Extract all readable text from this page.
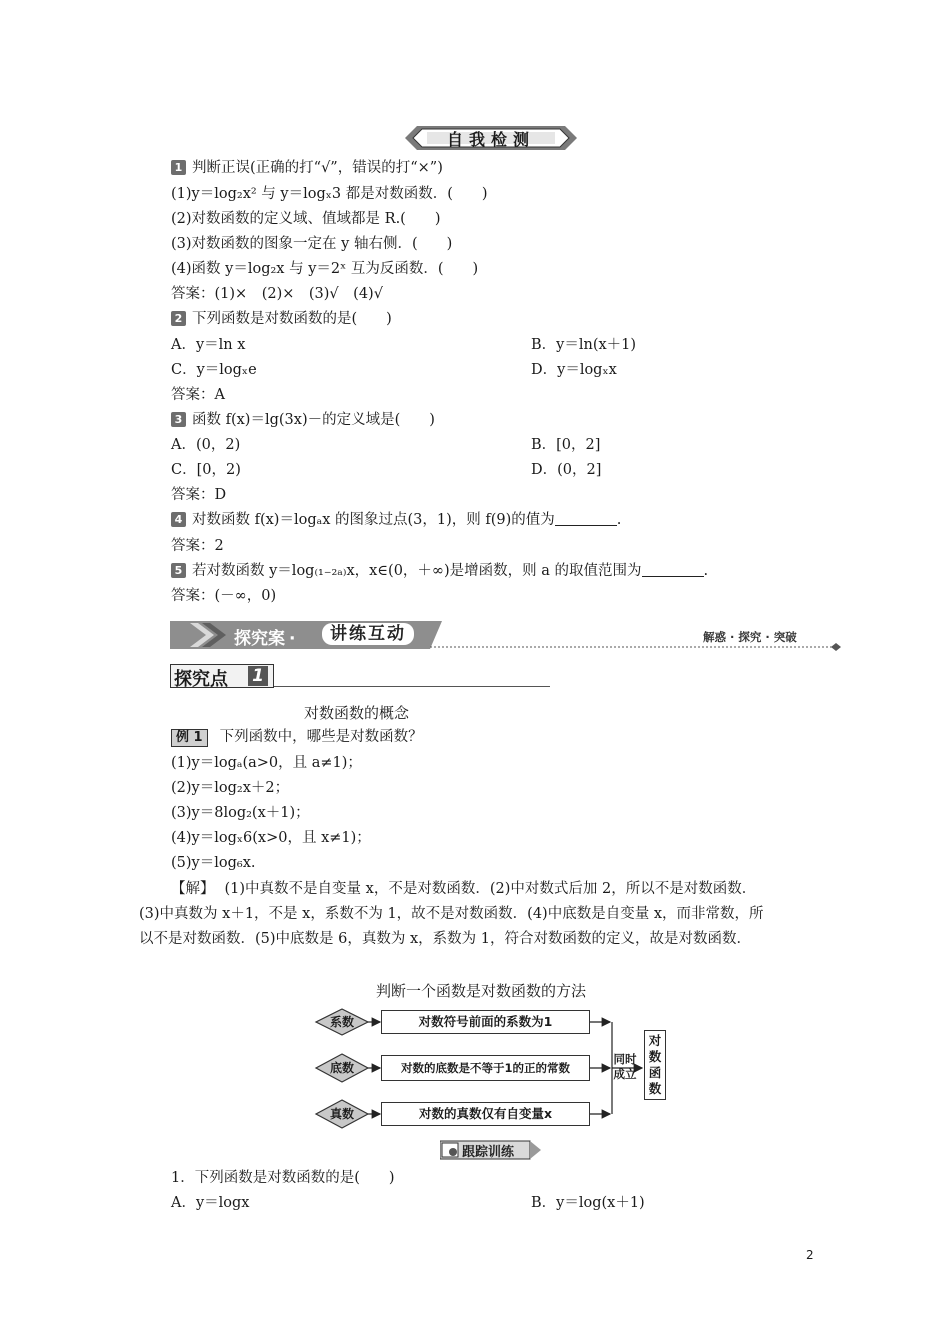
自我检测
1 判断正误(正确的打“√”，错误的打“×”)
(1)y＝log₂x² 与 y＝logₓ3 都是对数函数．(　　)
(2)对数函数的定义域、值域都是 R.(　　)
(3)对数函数的图象一定在 y 轴右侧．(　　)
(4)函数 y＝log₂x 与 y＝2ˣ 互为反函数．(　　)
答案：(1)×　(2)×　(3)√　(4)√
2 下列函数是对数函数的是(　　)
A．y＝ln x	B．y＝ln(x＋1)
C．y＝logₓe	D．y＝logₓx
答案：A
3 函数 f(x)＝lg(3x)－的定义域是(　　)
A．(0，2)	B．[0，2]
C．[0，2)	D．(0，2]
答案：D
4 对数函数 f(x)＝logₐx 的图象过点(3，1)，则 f(9)的值为	.
答案：2
5 若对数函数 y＝log₍₁₋₂ₐ₎x，x∈(0，＋∞)是增函数，则 a 的取值范围为	.
答案：(－∞，0)
探究案 ·	讲练互动	解惑 · 探究 · 突破
探究点 1
对数函数的概念
例 1 下列函数中，哪些是对数函数？
(1)y＝logₐ(a>0，且 a≠1)；
(2)y＝log₂x＋2；
(3)y＝8log₂(x＋1)；
(4)y＝logₓ6(x>0，且 x≠1)；
(5)y＝log₆x.
【解】 (1)中真数不是自变量 x，不是对数函数．(2)中对数式后加 2，所以不是对数函数．
(3)中真数为 x＋1，不是 x，系数不为 1，故不是对数函数．(4)中底数是自变量 x，而非常数，所
以不是对数函数．(5)中底数是 6，真数为 x，系数为 1，符合对数函数的定义，故是对数函数．
判断一个函数是对数函数的方法
系数
底数
真数
对数符号前面的系数为1
对数的底数是不等于1的正的常数
对数的真数仅有自变量x
同时成立
对数函数
跟踪训练
1．下列函数是对数函数的是(　　)
A．y＝logx	B．y＝log(x＋1)
2
